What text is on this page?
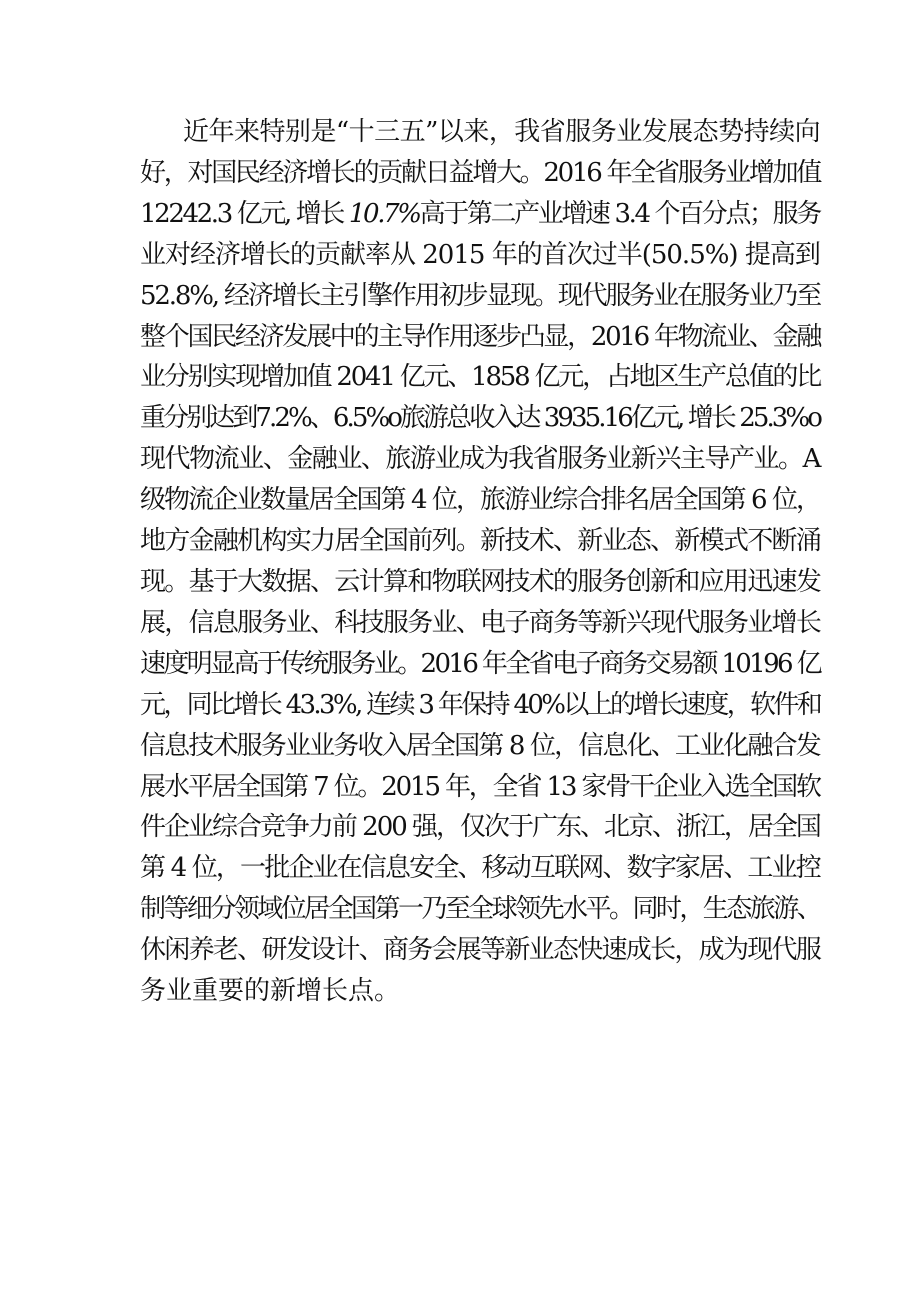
近年来特别是“十三五”以来，我省服务业发展态势持续向
好，对国民经济增长的贡献日益增大。2016 年全省服务业增加值
12242.3 亿元, 增长 10.7%高于第二产业增速 3.4 个百分点；服务
业对经济增长的贡献率从 2015 年的首次过半(50.5%) 提高到
52.8%, 经济增长主引擎作用初步显现。现代服务业在服务业乃至
整个国民经济发展中的主导作用逐步凸显，2016 年物流业、金融
业分别实现增加值 2041 亿元、1858 亿元，占地区生产总值的比
重分别达到7.2%、6.5%o旅游总收入达 3935.16亿元, 增长 25.3%o
现代物流业、金融业、旅游业成为我省服务业新兴主导产业。A
级物流企业数量居全国第 4 位，旅游业综合排名居全国第 6 位，
地方金融机构实力居全国前列。新技术、新业态、新模式不断涌
现。基于大数据、云计算和物联网技术的服务创新和应用迅速发
展，信息服务业、科技服务业、电子商务等新兴现代服务业增长
速度明显高于传统服务业。2016 年全省电子商务交易额 10196 亿
元，同比增长 43.3%, 连续 3 年保持 40%以上的增长速度，软件和
信息技术服务业业务收入居全国第 8 位，信息化、工业化融合发
展水平居全国第 7 位。2015 年，全省 13 家骨干企业入选全国软
件企业综合竞争力前 200 强，仅次于广东、北京、浙江，居全国
第 4 位，一批企业在信息安全、移动互联网、数字家居、工业控
制等细分领域位居全国第一乃至全球领先水平。同时，生态旅游、
休闲养老、研发设计、商务会展等新业态快速成长，成为现代服
务业重要的新增长点。
